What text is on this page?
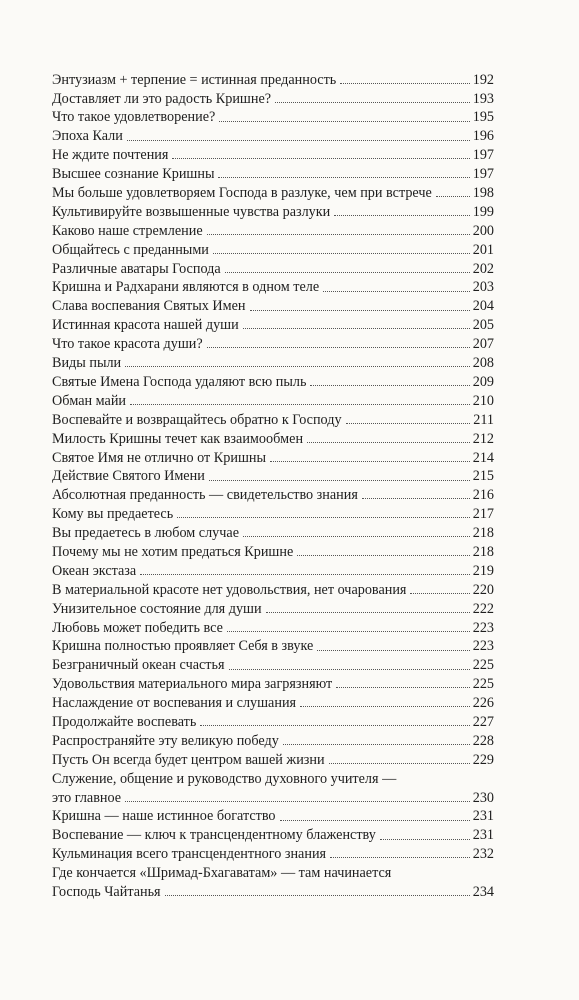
Энтузиазм + терпение = истинная преданность	192
Доставляет ли это радость Кришне?	193
Что такое удовлетворение?	195
Эпоха Кали	196
Не ждите почтения	197
Высшее сознание Кришны	197
Мы больше удовлетворяем Господа в разлуке, чем при встрече	198
Культивируйте возвышенные чувства разлуки	199
Каково наше стремление	200
Общайтесь с преданными	201
Различные аватары Господа	202
Кришна и Радхарани являются в одном теле	203
Слава воспевания Святых Имен	204
Истинная красота нашей души	205
Что такое красота души?	207
Виды пыли	208
Святые Имена Господа удаляют всю пыль	209
Обман майи	210
Воспевайте и возвращайтесь обратно к Господу	211
Милость Кришны течет как взаимообмен	212
Святое Имя не отлично от Кришны	214
Действие Святого Имени	215
Абсолютная преданность — свидетельство знания	216
Кому вы предаетесь	217
Вы предаетесь в любом случае	218
Почему мы не хотим предаться Кришне	218
Океан экстаза	219
В материальной красоте нет удовольствия, нет очарования	220
Унизительное состояние для души	222
Любовь может победить все	223
Кришна полностью проявляет Себя в звуке	223
Безграничный океан счастья	225
Удовольствия материального мира загрязняют	225
Наслаждение от воспевания и слушания	226
Продолжайте воспевать	227
Распространяйте эту великую победу	228
Пусть Он всегда будет центром вашей жизни	229
Служение, общение и руководство духовного учителя —
это главное	230
Кришна — наше истинное богатство	231
Воспевание — ключ к трансцендентному блаженству	231
Кульминация всего трансцендентного знания	232
Где кончается «Шримад-Бхагаватам» — там начинается
Господь Чайтанья	234
